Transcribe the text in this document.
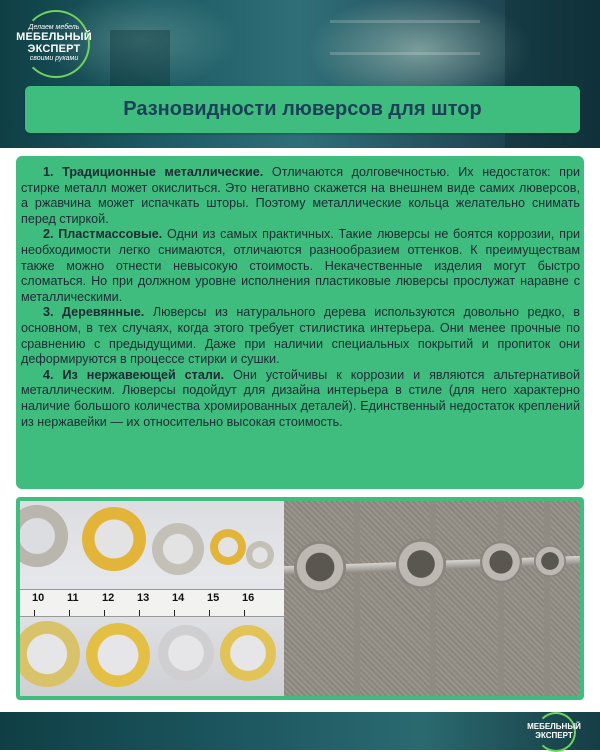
Делаем мебель
МЕБЕЛЬНЫЙ
ЭКСПЕРТ
своими руками
Разновидности люверсов для штор

1. Традиционные металлические. Отличаются долговечностью. Их недостаток: при стирке металл может окислиться. Это негативно скажется на внешнем виде самих люверсов, а ржавчина может испачкать шторы. Поэтому металлические кольца желательно снимать перед стиркой.

2. Пластмассовые. Одни из самых практичных. Такие люверсы не боятся коррозии, при необходимости легко снимаются, отличаются разнообразием оттенков. К преимуществам также можно отнести невысокую стоимость. Некачественные изделия могут быстро сломаться. Но при должном уровне исполнения пластиковые люверсы прослужат наравне с металлическими.

3. Деревянные. Люверсы из натурального дерева используются довольно редко, в основном, в тех случаях, когда этого требует стилистика интерьера. Они менее прочные по сравнению с предыдущими. Даже при наличии специальных покрытий и пропиток они деформируются в процессе стирки и сушки.

4. Из нержавеющей стали. Они устойчивы к коррозии и являются альтернативой металлическим. Люверсы подойдут для дизайна интерьера в стиле (для него характерно наличие большого количества хромированных деталей). Единственный недостаток креплений из нержавейки — их относительно высокая стоимость.

10 11 12 13 14 15 16
МЕБЕЛЬНЫЙ
ЭКСПЕРТ
